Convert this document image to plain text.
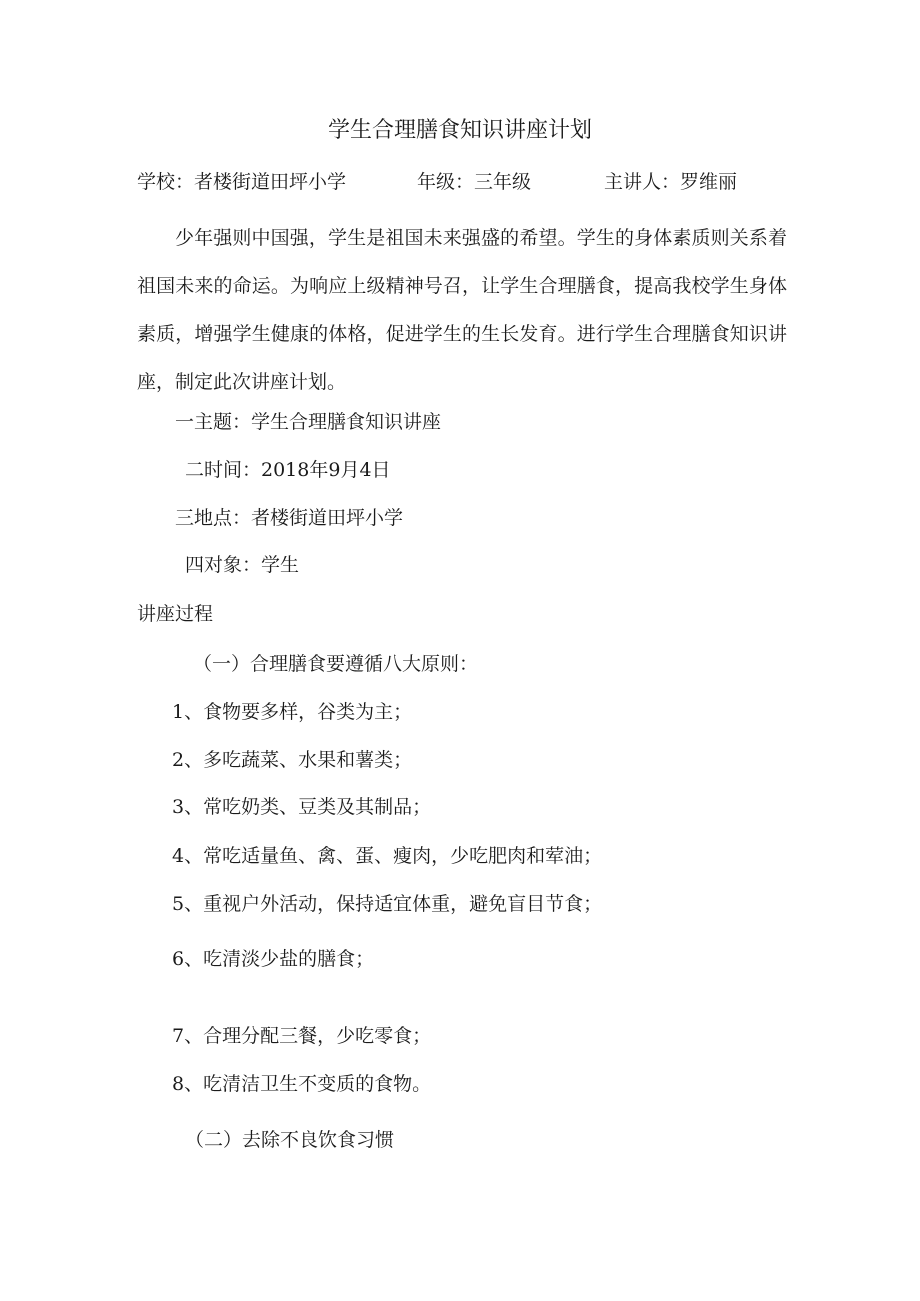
学生合理膳食知识讲座计划
学校：者楼街道田坪小学	年级：三年级	主讲人：罗维丽
少年强则中国强，学生是祖国未来强盛的希望。学生的身体素质则关系着祖国未来的命运。为响应上级精神号召，让学生合理膳食，提高我校学生身体素质，增强学生健康的体格，促进学生的生长发育。进行学生合理膳食知识讲座，制定此次讲座计划。
一主题：学生合理膳食知识讲座
二时间：2018年9月4日
三地点：者楼街道田坪小学
四对象：学生
讲座过程
（一）合理膳食要遵循八大原则：
1、食物要多样，谷类为主；
2、多吃蔬菜、水果和薯类；
3、常吃奶类、豆类及其制品；
4、常吃适量鱼、禽、蛋、瘦肉，少吃肥肉和荤油；
5、重视户外活动，保持适宜体重，避免盲目节食；
6、吃清淡少盐的膳食；
7、合理分配三餐，少吃零食；
8、吃清洁卫生不变质的食物。
（二）去除不良饮食习惯
